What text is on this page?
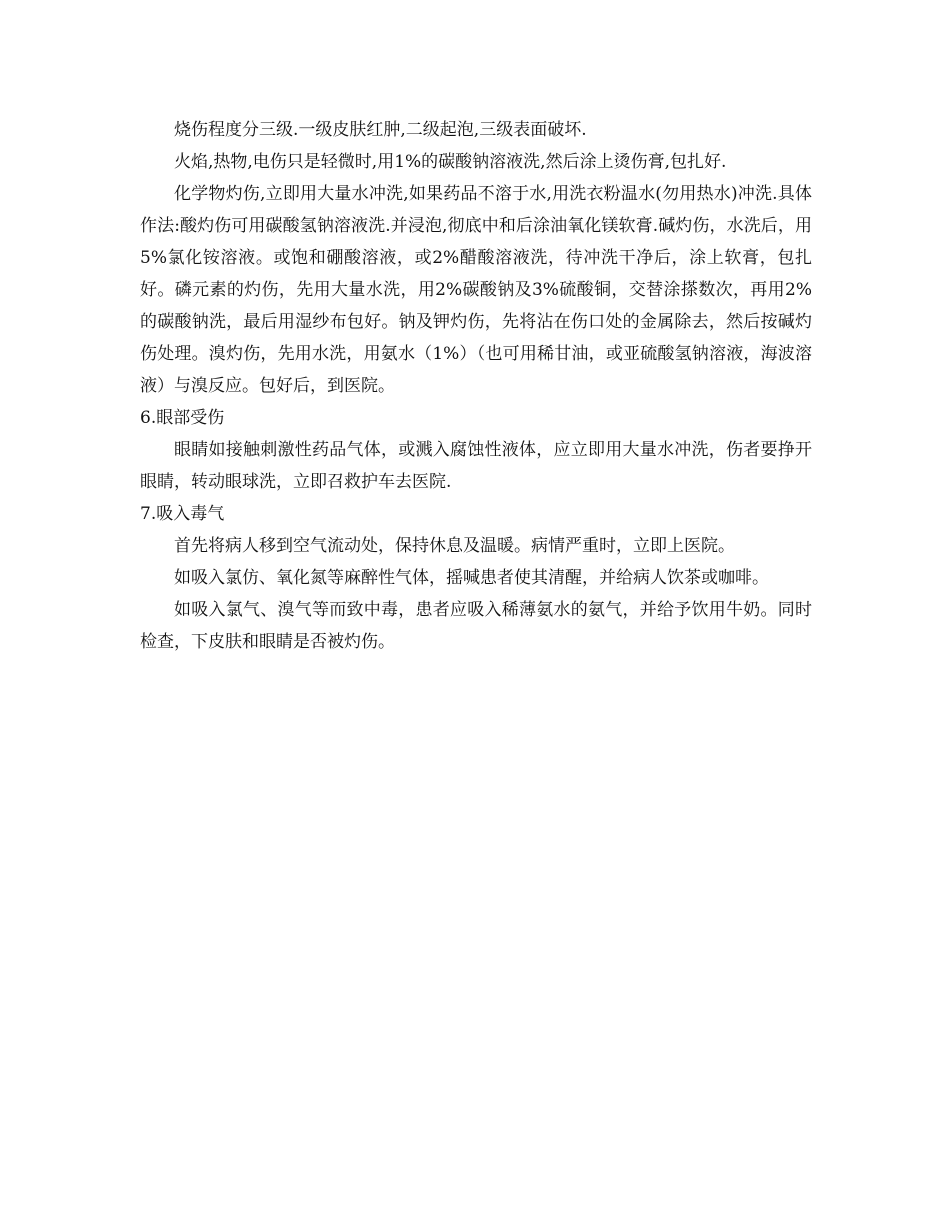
烧伤程度分三级.一级皮肤红肿,二级起泡,三级表面破坏.

火焰,热物,电伤只是轻微时,用1%的碳酸钠溶液洗,然后涂上烫伤膏,包扎好.

化学物灼伤,立即用大量水冲洗,如果药品不溶于水,用洗衣粉温水(勿用热水)冲洗.具体作法:酸灼伤可用碳酸氢钠溶液洗.并浸泡,彻底中和后涂油氧化镁软膏.碱灼伤，水洗后，用5%氯化铵溶液。或饱和硼酸溶液，或2%醋酸溶液洗，待冲洗干净后，涂上软膏，包扎好。磷元素的灼伤，先用大量水洗，用2%碳酸钠及3%硫酸铜，交替涂搽数次，再用2%的碳酸钠洗，最后用湿纱布包好。钠及钾灼伤，先将沾在伤口处的金属除去，然后按碱灼伤处理。溴灼伤，先用水洗，用氨水（1%）（也可用稀甘油，或亚硫酸氢钠溶液，海波溶液）与溴反应。包好后，到医院。

6.眼部受伤

眼睛如接触刺激性药品气体，或溅入腐蚀性液体，应立即用大量水冲洗，伤者要挣开眼睛，转动眼球洗，立即召救护车去医院.

7.吸入毒气

首先将病人移到空气流动处，保持休息及温暖。病情严重时，立即上医院。

如吸入氯仿、氧化氮等麻醉性气体，摇喊患者使其清醒，并给病人饮茶或咖啡。

如吸入氯气、溴气等而致中毒，患者应吸入稀薄氨水的氨气，并给予饮用牛奶。同时检查，下皮肤和眼睛是否被灼伤。
